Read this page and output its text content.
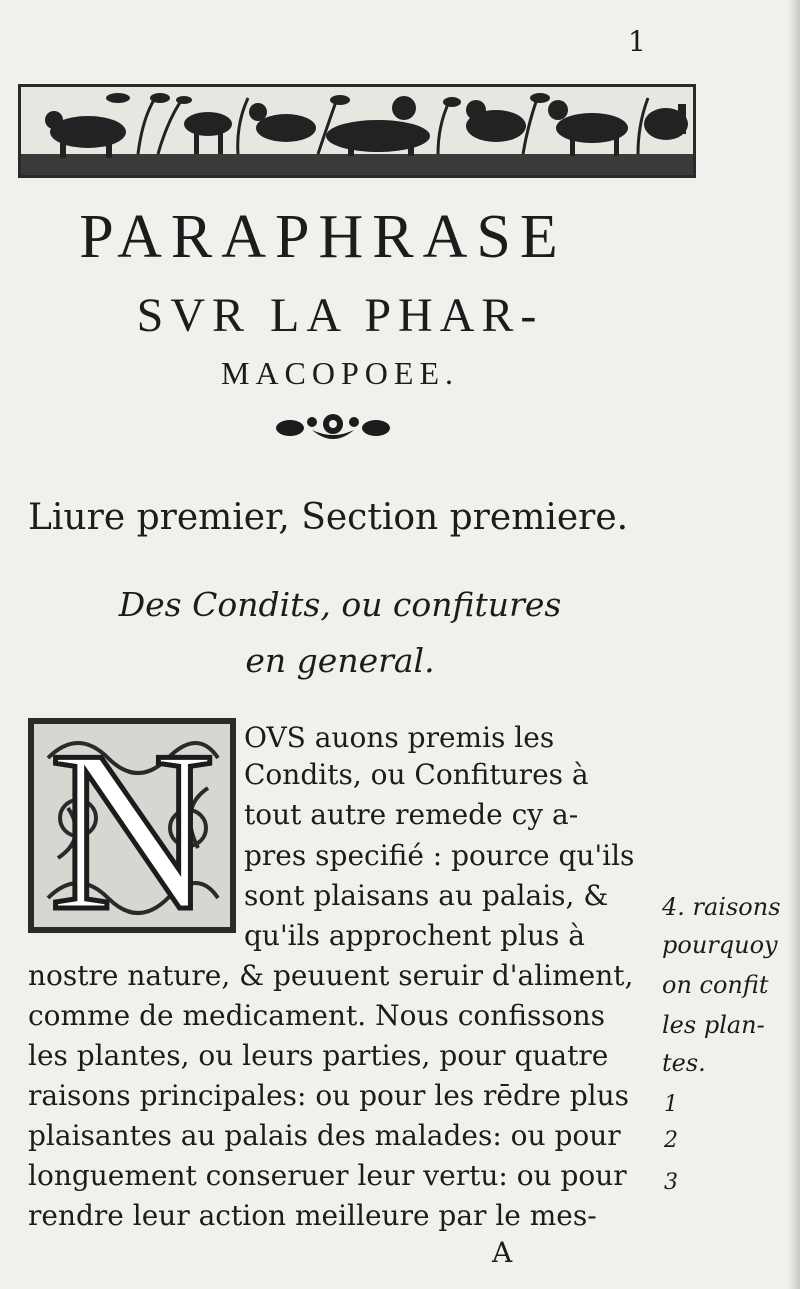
1
PARAPHRASE
SVR LA PHAR-
MACOPOEE.
Liure premier, Section premiere.
Des Condits, ou confitures
en general.
N OVS auons premis les
Condits, ou Confitures à
tout autre remede cy a-
pres specifié : pource qu'ils
sont plaisans au palais, &
qu'ils approchent plus à
nostre nature, & peuuent seruir d'aliment,
comme de medicament. Nous confissons
les plantes, ou leurs parties, pour quatre
raisons principales: ou pour les rēdre plus
plaisantes au palais des malades: ou pour
longuement conseruer leur vertu: ou pour
rendre leur action meilleure par le mes-
4. raisons
pourquoy
on confit
les plan-
tes.
1
2
3
A
